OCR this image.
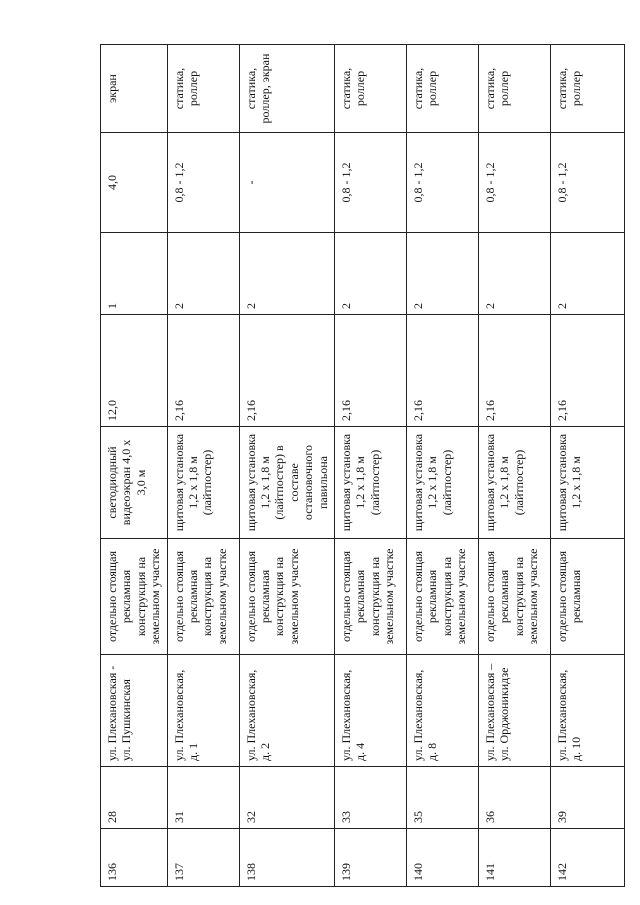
136	28	ул. Плехановская - ул. Пушкинская	отдельно стоящая рекламная конструкция на земельном участке	светодиодный видеоэкран 4,0 х 3,0 м	12,0	1	4,0	экран
137	31	ул. Плехановская, д. 1	отдельно стоящая рекламная конструкция на земельном участке	щитовая установка 1,2 х 1,8 м (лайтпостер)	2,16	2	0,8 - 1,2	статика, роллер
138	32	ул. Плехановская, д. 2	отдельно стоящая рекламная конструкция на земельном участке	щитовая установка 1,2 х 1,8 м (лайтпостер) в составе остановочного павильона	2,16	2	-	статика, роллер, экран
139	33	ул. Плехановская, д. 4	отдельно стоящая рекламная конструкция на земельном участке	щитовая установка 1,2 х 1,8 м (лайтпостер)	2,16	2	0,8 - 1,2	статика, роллер
140	35	ул. Плехановская, д. 8	отдельно стоящая рекламная конструкция на земельном участке	щитовая установка 1,2 х 1,8 м (лайтпостер)	2,16	2	0,8 - 1,2	статика, роллер
141	36	ул. Плехановская – ул. Орджоникидзе	отдельно стоящая рекламная конструкция на земельном участке	щитовая установка 1,2 х 1,8 м (лайтпостер)	2,16	2	0,8 - 1,2	статика, роллер
142	39	ул. Плехановская, д. 10	отдельно стоящая рекламная	щитовая установка 1,2 х 1,8 м	2,16	2	0,8 - 1,2	статика, роллер
